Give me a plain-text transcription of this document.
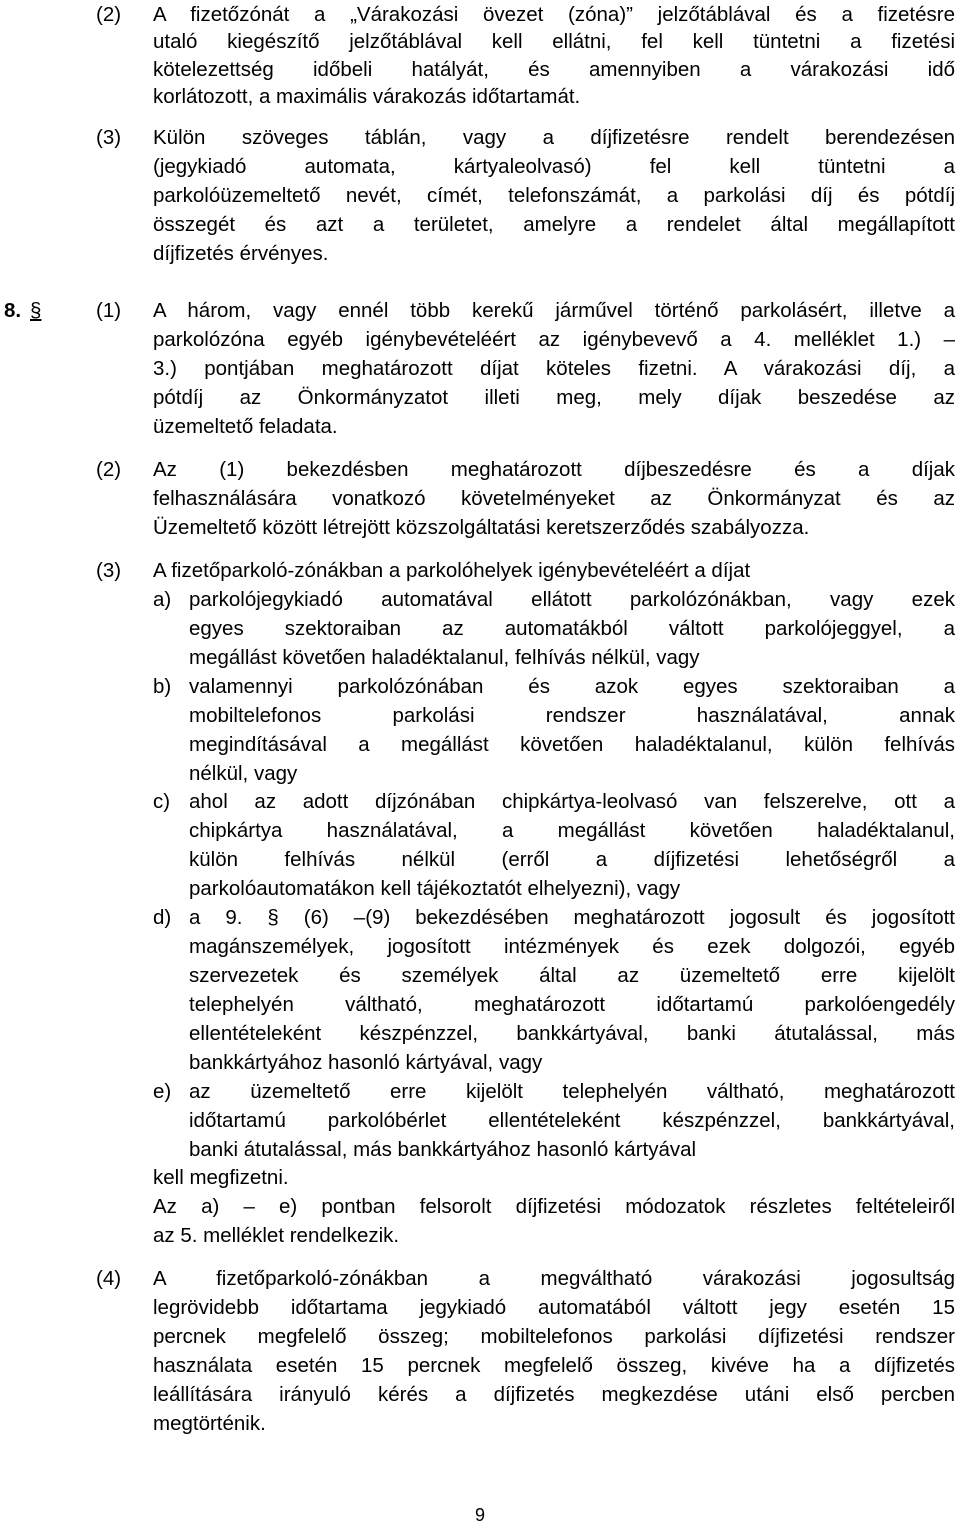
(2) A fizetőzónát a „Várakozási övezet (zóna)” jelzőtáblával és a fizetésre
utaló kiegészítő jelzőtáblával kell ellátni, fel kell tüntetni a fizetési
kötelezettség időbeli hatályát, és amennyiben a várakozási idő
korlátozott, a maximális várakozás időtartamát.
(3) Külön szöveges táblán, vagy a díjfizetésre rendelt berendezésen
(jegykiadó automata, kártyaleolvasó) fel kell tüntetni a
parkolóüzemeltető nevét, címét, telefonszámát, a parkolási díj és pótdíj
összegét és azt a területet, amelyre a rendelet által megállapított
díjfizetés érvényes.
8. §	(1) A három, vagy ennél több kerekű járművel történő parkolásért, illetve a
parkolózóna egyéb igénybevételéért az igénybevevő a 4. melléklet 1.) –
3.) pontjában meghatározott díjat köteles fizetni. A várakozási díj, a
pótdíj az Önkormányzatot illeti meg, mely díjak beszedése az
üzemeltető feladata.
(2) Az (1) bekezdésben meghatározott díjbeszedésre és a díjak
felhasználására vonatkozó követelményeket az Önkormányzat és az
Üzemeltető között létrejött közszolgáltatási keretszerződés szabályozza.
(3) A fizetőparkoló-zónákban a parkolóhelyek igénybevételéért a díjat
a) parkolójegykiadó automatával ellátott parkolózónákban, vagy ezek
egyes szektoraiban az automatákból váltott parkolójeggyel, a
megállást követően haladéktalanul, felhívás nélkül, vagy
b) valamennyi parkolózónában és azok egyes szektoraiban a
mobiltelefonos parkolási rendszer használatával, annak
megindításával a megállást követően haladéktalanul, külön felhívás
nélkül, vagy
c) ahol az adott díjzónában chipkártya-leolvasó van felszerelve, ott a
chipkártya használatával, a megállást követően haladéktalanul,
külön felhívás nélkül (erről a díjfizetési lehetőségről a
parkolóautomatákon kell tájékoztatót elhelyezni), vagy
d) a 9. § (6) –(9) bekezdésében meghatározott jogosult és jogosított
magánszemélyek, jogosított intézmények és ezek dolgozói, egyéb
szervezetek és személyek által az üzemeltető erre kijelölt
telephelyén váltható, meghatározott időtartamú parkolóengedély
ellentételeként készpénzzel, bankkártyával, banki átutalással, más
bankkártyához hasonló kártyával, vagy
e) az üzemeltető erre kijelölt telephelyén váltható, meghatározott
időtartamú parkolóbérlet ellentételeként készpénzzel, bankkártyával,
banki átutalással, más bankkártyához hasonló kártyával
kell megfizetni.
Az a) – e) pontban felsorolt díjfizetési módozatok részletes feltételeiről
az 5. melléklet rendelkezik.
(4) A fizetőparkoló-zónákban a megváltható várakozási jogosultság
legrövidebb időtartama jegykiadó automatából váltott jegy esetén 15
percnek megfelelő összeg; mobiltelefonos parkolási díjfizetési rendszer
használata esetén 15 percnek megfelelő összeg, kivéve ha a díjfizetés
leállítására irányuló kérés a díjfizetés megkezdése utáni első percben
megtörténik.
9
